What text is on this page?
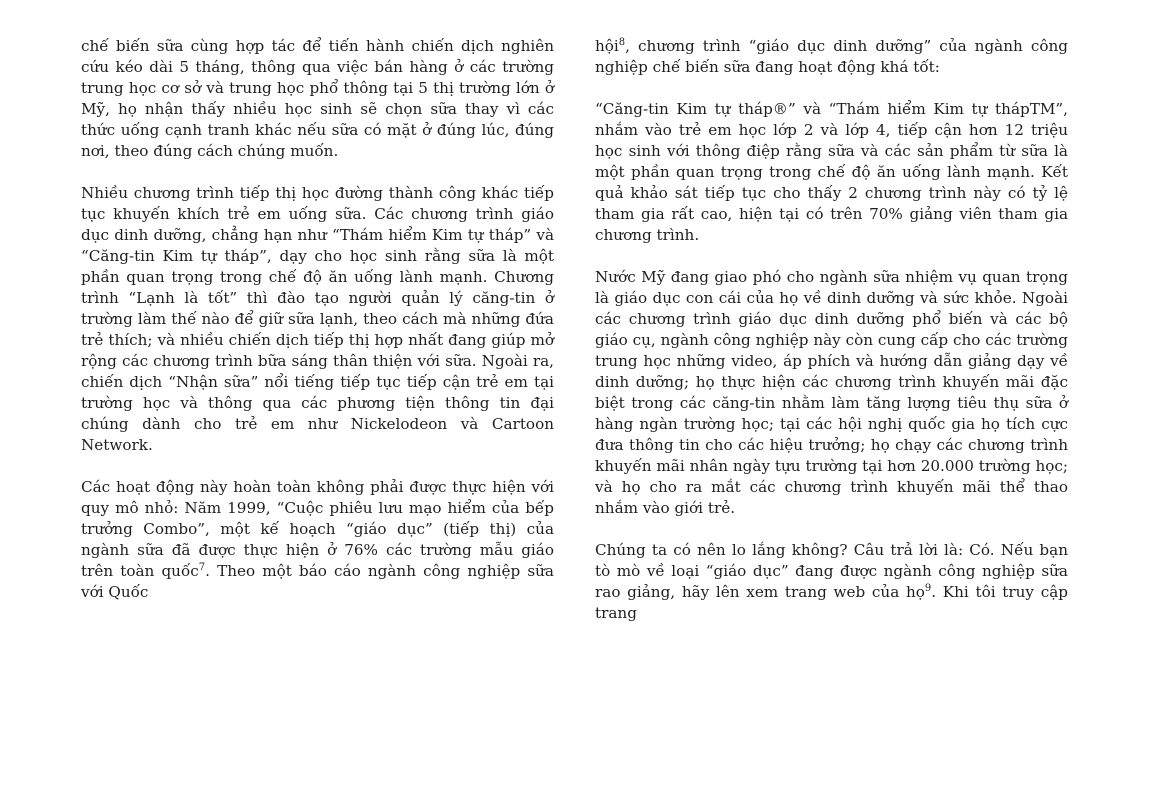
chế biến sữa cùng hợp tác để tiến hành chiến dịch nghiên cứu kéo dài 5 tháng, thông qua việc bán hàng ở các trường trung học cơ sở và trung học phổ thông tại 5 thị trường lớn ở Mỹ, họ nhận thấy nhiều học sinh sẽ chọn sữa thay vì các thức uống cạnh tranh khác nếu sữa có mặt ở đúng lúc, đúng nơi, theo đúng cách chúng muốn.

Nhiều chương trình tiếp thị học đường thành công khác tiếp tục khuyến khích trẻ em uống sữa. Các chương trình giáo dục dinh dưỡng, chẳng hạn như “Thám hiểm Kim tự tháp” và “Căng-tin Kim tự tháp”, dạy cho học sinh rằng sữa là một phần quan trọng trong chế độ ăn uống lành mạnh. Chương trình “Lạnh là tốt” thì đào tạo người quản lý căng-tin ở trường làm thế nào để giữ sữa lạnh, theo cách mà những đứa trẻ thích; và nhiều chiến dịch tiếp thị hợp nhất đang giúp mở rộng các chương trình bữa sáng thân thiện với sữa. Ngoài ra, chiến dịch “Nhận sữa” nổi tiếng tiếp tục tiếp cận trẻ em tại trường học và thông qua các phương tiện thông tin đại chúng dành cho trẻ em như Nickelodeon và Cartoon Network.

Các hoạt động này hoàn toàn không phải được thực hiện với quy mô nhỏ: Năm 1999, “Cuộc phiêu lưu mạo hiểm của bếp trưởng Combo”, một kế hoạch “giáo dục” (tiếp thị) của ngành sữa đã được thực hiện ở 76% các trường mẫu giáo trên toàn quốc$^7$. Theo một báo cáo ngành công nghiệp sữa với Quốc

hội$^8$, chương trình “giáo dục dinh dưỡng” của ngành công nghiệp chế biến sữa đang hoạt động khá tốt:

“Căng-tin Kim tự tháp®” và “Thám hiểm Kim tự thápTM”, nhắm vào trẻ em học lớp 2 và lớp 4, tiếp cận hơn 12 triệu học sinh với thông điệp rằng sữa và các sản phẩm từ sữa là một phần quan trọng trong chế độ ăn uống lành mạnh. Kết quả khảo sát tiếp tục cho thấy 2 chương trình này có tỷ lệ tham gia rất cao, hiện tại có trên 70% giảng viên tham gia chương trình.

Nước Mỹ đang giao phó cho ngành sữa nhiệm vụ quan trọng là giáo dục con cái của họ về dinh dưỡng và sức khỏe. Ngoài các chương trình giáo dục dinh dưỡng phổ biến và các bộ giáo cụ, ngành công nghiệp này còn cung cấp cho các trường trung học những video, áp phích và hướng dẫn giảng dạy về dinh dưỡng; họ thực hiện các chương trình khuyến mãi đặc biệt trong các căng-tin nhằm làm tăng lượng tiêu thụ sữa ở hàng ngàn trường học; tại các hội nghị quốc gia họ tích cực đưa thông tin cho các hiệu trưởng; họ chạy các chương trình khuyến mãi nhân ngày tựu trường tại hơn 20.000 trường học; và họ cho ra mắt các chương trình khuyến mãi thể thao nhắm vào giới trẻ.

Chúng ta có nên lo lắng không? Câu trả lời là: Có. Nếu bạn tò mò về loại “giáo dục” đang được ngành công nghiệp sữa rao giảng, hãy lên xem trang web của họ$^9$. Khi tôi truy cập trang
